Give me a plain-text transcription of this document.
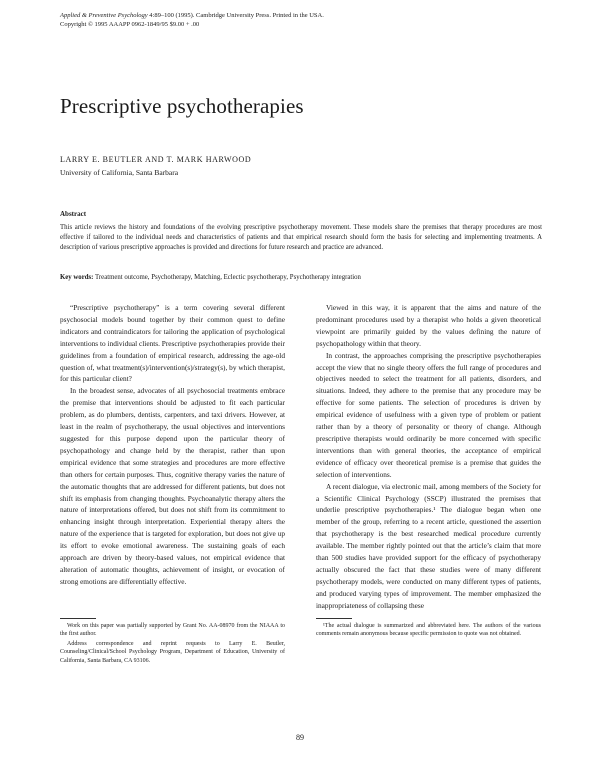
Applied & Preventive Psychology 4:89–100 (1995). Cambridge University Press. Printed in the USA.
Copyright © 1995 AAAPP 0962-1849/95 $9.00 + .00
Prescriptive psychotherapies
LARRY E. BEUTLER AND T. MARK HARWOOD
University of California, Santa Barbara
Abstract
This article reviews the history and foundations of the evolving prescriptive psychotherapy movement. These models share the premises that therapy procedures are most effective if tailored to the individual needs and characteristics of patients and that empirical research should form the basis for selecting and implementing treatments. A description of various prescriptive approaches is provided and directions for future research and practice are advanced.
Key words: Treatment outcome, Psychotherapy, Matching, Eclectic psychotherapy, Psychotherapy integration

“Prescriptive psychotherapy” is a term covering several different psychosocial models bound together by their common quest to define indicators and contraindicators for tailoring the application of psychological interventions to individual clients. Prescriptive psychotherapies provide their guidelines from a foundation of empirical research, addressing the age-old question of, what treatment(s)/intervention(s)/strategy(s), by which therapist, for this particular client?

In the broadest sense, advocates of all psychosocial treatments embrace the premise that interventions should be adjusted to fit each particular problem, as do plumbers, dentists, carpenters, and taxi drivers. However, at least in the realm of psychotherapy, the usual objectives and interventions suggested for this purpose depend upon the particular theory of psychopathology and change held by the therapist, rather than upon empirical evidence that some strategies and procedures are more effective than others for certain purposes. Thus, cognitive therapy varies the nature of the automatic thoughts that are addressed for different patients, but does not shift its emphasis from changing thoughts. Psychoanalytic therapy alters the nature of interpretations offered, but does not shift from its commitment to enhancing insight through interpretation. Experiential therapy alters the nature of the experience that is targeted for exploration, but does not give up its effort to evoke emotional awareness. The sustaining goals of each approach are driven by theory-based values, not empirical evidence that alteration of automatic thoughts, achievement of insight, or evocation of strong emotions are differentially effective.

Viewed in this way, it is apparent that the aims and nature of the predominant procedures used by a therapist who holds a given theoretical viewpoint are primarily guided by the values defining the nature of psychopathology within that theory.

In contrast, the approaches comprising the prescriptive psychotherapies accept the view that no single theory offers the full range of procedures and objectives needed to select the treatment for all patients, disorders, and situations. Indeed, they adhere to the premise that any procedure may be effective for some patients. The selection of procedures is driven by empirical evidence of usefulness with a given type of problem or patient rather than by a theory of personality or theory of change. Although prescriptive therapists would ordinarily be more concerned with specific interventions than with general theories, the acceptance of empirical evidence of efficacy over theoretical premise is a premise that guides the selection of interventions.

A recent dialogue, via electronic mail, among members of the Society for a Scientific Clinical Psychology (SSCP) illustrated the premises that underlie prescriptive psychotherapies.¹ The dialogue began when one member of the group, referring to a recent article, questioned the assertion that psychotherapy is the best researched medical procedure currently available. The member rightly pointed out that the article’s claim that more than 500 studies have provided support for the efficacy of psychotherapy actually obscured the fact that these studies were of many different psychotherapy models, were conducted on many different types of patients, and produced varying types of improvement. The member emphasized the inappropriateness of collapsing these

Work on this paper was partially supported by Grant No. AA-08970 from the NIAAA to the first author.

Address correspondence and reprint requests to Larry E. Beutler, Counseling/Clinical/School Psychology Program, Department of Education, University of California, Santa Barbara, CA 93106.

¹The actual dialogue is summarized and abbreviated here. The authors of the various comments remain anonymous because specific permission to quote was not obtained.

89
